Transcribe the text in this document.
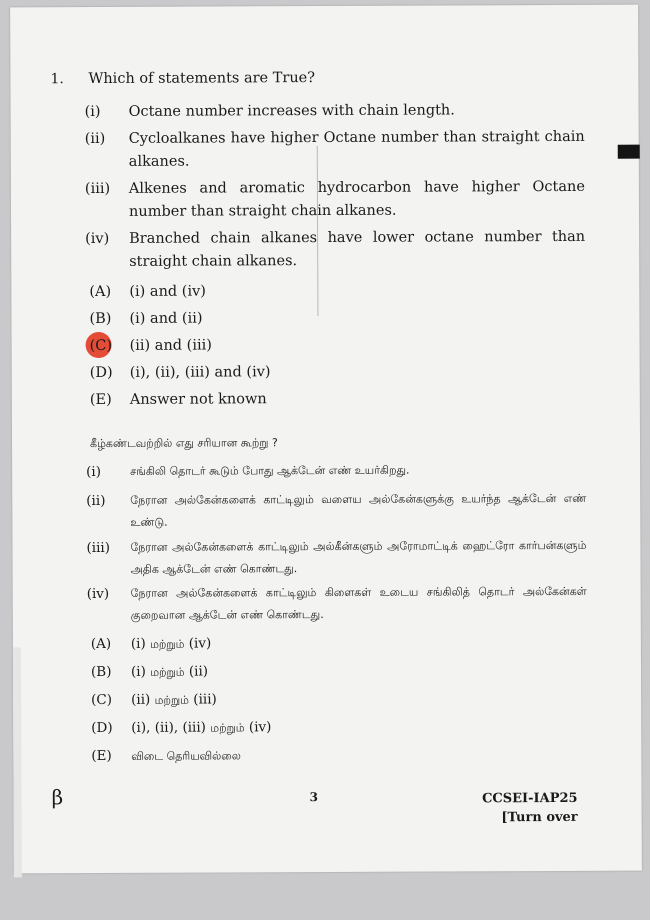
1. Which of statements are True?
(i)	Octane number increases with chain length.
(ii)	Cycloalkanes have higher Octane number than straight chain alkanes.
(iii)	Alkenes and aromatic hydrocarbon have higher Octane number than straight chain alkanes.
(iv)	Branched chain alkanes have lower octane number than straight chain alkanes.
(A) (i) and (iv)
(B) (i) and (ii)
(C) (ii) and (iii)
(D) (i), (ii), (iii) and (iv)
(E) Answer not known
கீழ்கண்டவற்றில் எது சரியான கூற்று ?
(i)	சங்கிலி தொடர் கூடும் போது ஆக்டேன் எண் உயர்கிறது.
(ii)	நேரான அல்கேன்களைக் காட்டிலும் வளைய அல்கேன்களுக்கு உயர்ந்த ஆக்டேன் எண் உண்டு.
(iii)	நேரான அல்கேன்களைக் காட்டிலும் அல்கீன்களும் அரோமாட்டிக் ஹைட்ரோ கார்பன்களும் அதிக ஆக்டேன் எண் கொண்டது.
(iv)	நேரான அல்கேன்களைக் காட்டிலும் கிளைகள் உடைய சங்கிலித் தொடர் அல்கேன்கள் குறைவான ஆக்டேன் எண் கொண்டது.
(A) (i) மற்றும் (iv)
(B) (i) மற்றும் (ii)
(C) (ii) மற்றும் (iii)
(D) (i), (ii), (iii) மற்றும் (iv)
(E) விடை தெரியவில்லை
β	3	CCSEI-IAP25
[Turn over
